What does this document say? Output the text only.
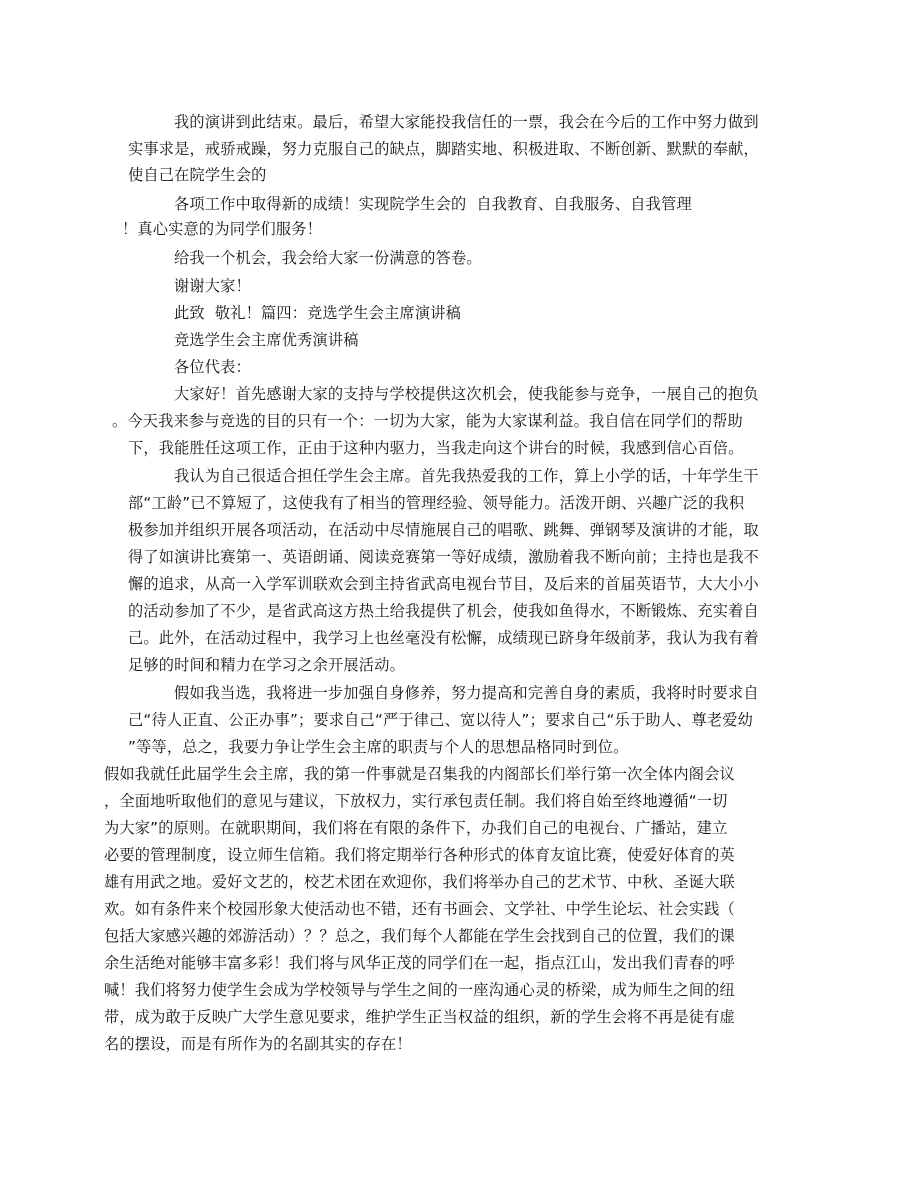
我的演讲到此结束。最后，希望大家能投我信任的一票，我会在今后的工作中努力做到
实事求是，戒骄戒躁，努力克服自己的缺点，脚踏实地、积极进取、不断创新、默默的奉献，
使自己在院学生会的
各项工作中取得新的成绩！实现院学生会的  自我教育、自我服务、自我管理
！真心实意的为同学们服务！
给我一个机会，我会给大家一份满意的答卷。
谢谢大家！
此致  敬礼！篇四：竞选学生会主席演讲稿
竞选学生会主席优秀演讲稿
各位代表：
大家好！首先感谢大家的支持与学校提供这次机会，使我能参与竞争，一展自己的抱负
。今天我来参与竞选的目的只有一个：一切为大家，能为大家谋利益。我自信在同学们的帮助
下，我能胜任这项工作，正由于这种内驱力，当我走向这个讲台的时候，我感到信心百倍。
我认为自己很适合担任学生会主席。首先我热爱我的工作，算上小学的话，十年学生干
部“工龄”已不算短了，这使我有了相当的管理经验、领导能力。活泼开朗、兴趣广泛的我积
极参加并组织开展各项活动，在活动中尽情施展自己的唱歌、跳舞、弹钢琴及演讲的才能，取
得了如演讲比赛第一、英语朗诵、阅读竞赛第一等好成绩，激励着我不断向前；主持也是我不
懈的追求，从高一入学军训联欢会到主持省武高电视台节目，及后来的首届英语节，大大小小
的活动参加了不少，是省武高这方热土给我提供了机会，使我如鱼得水，不断锻炼、充实着自
己。此外，在活动过程中，我学习上也丝毫没有松懈，成绩现已跻身年级前茅，我认为我有着
足够的时间和精力在学习之余开展活动。
假如我当选，我将进一步加强自身修养，努力提高和完善自身的素质，我将时时要求自
己“待人正直、公正办事”；要求自己“严于律己、宽以待人”；要求自己“乐于助人、尊老爱幼
”等等，总之，我要力争让学生会主席的职责与个人的思想品格同时到位。
假如我就任此届学生会主席，我的第一件事就是召集我的内阁部长们举行第一次全体内阁会议
，全面地听取他们的意见与建议，下放权力，实行承包责任制。我们将自始至终地遵循“一切
为大家”的原则。在就职期间，我们将在有限的条件下，办我们自己的电视台、广播站，建立
必要的管理制度，设立师生信箱。我们将定期举行各种形式的体育友谊比赛，使爱好体育的英
雄有用武之地。爱好文艺的，校艺术团在欢迎你，我们将举办自己的艺术节、中秋、圣诞大联
欢。如有条件来个校园形象大使活动也不错，还有书画会、文学社、中学生论坛、社会实践（
包括大家感兴趣的郊游活动）？？总之，我们每个人都能在学生会找到自己的位置，我们的课
余生活绝对能够丰富多彩！我们将与风华正茂的同学们在一起，指点江山，发出我们青春的呼
喊！我们将努力使学生会成为学校领导与学生之间的一座沟通心灵的桥梁，成为师生之间的纽
带，成为敢于反映广大学生意见要求，维护学生正当权益的组织，新的学生会将不再是徒有虚
名的摆设，而是有所作为的名副其实的存在！
